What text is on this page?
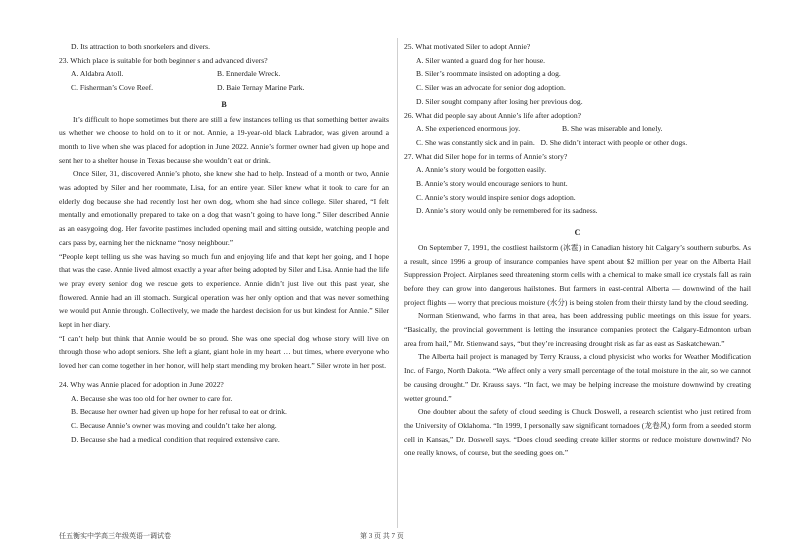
D. Its attraction to both snorkelers and divers.
23. Which place is suitable for both beginner s and advanced divers?
A. Aldabra Atoll.	B. Ennerdale Wreck.
C. Fisherman’s Cove Reef.	D. Baie Ternay Marine Park.
B

It’s difficult to hope sometimes but there are still a few instances telling us that something better awaits us whether we choose to hold on to it or not. Annie, a 19-year-old black Labrador, was given around a month to live when she was placed for adoption in June 2022. Annie’s former owner had given up hope and sent her to a shelter house in Texas because she wouldn’t eat or drink.

Once Siler, 31, discovered Annie’s photo, she knew she had to help. Instead of a month or two, Annie was adopted by Siler and her roommate, Lisa, for an entire year. Siler knew what it took to care for an elderly dog because she had recently lost her own dog, whom she had since college. Siler shared, “I felt mentally and emotionally prepared to take on a dog that wasn’t going to have long.” Siler described Annie as an easygoing dog. Her favorite pastimes included opening mail and sitting outside, watching people and cars pass by, earning her the nickname “nosy neighbour.”

“People kept telling us she was having so much fun and enjoying life and that kept her going, and I hope that was the case. Annie lived almost exactly a year after being adopted by Siler and Lisa. Annie had the life we pray every senior dog we rescue gets to experience. Annie didn’t just live out this past year, she flowered. Annie had an ill stomach. Surgical operation was her only option and that was never something we would put Annie through. Collectively, we made the hardest decision for us but kindest for Annie.” Siler kept in her diary.

“I can’t help but think that Annie would be so proud. She was one special dog whose story will live on through those who adopt seniors. She left a giant, giant hole in my heart … but times, where everyone who loved her can come together in her honor, will help start mending my broken heart.” Siler wrote in her post.

24. Why was Annie placed for adoption in June 2022?
A. Because she was too old for her owner to care for.
B. Because her owner had given up hope for her refusal to eat or drink.
C. Because Annie’s owner was moving and couldn’t take her along.
D. Because she had a medical condition that required extensive care.
25. What motivated Siler to adopt Annie?
A. Siler wanted a guard dog for her house.
B. Siler’s roommate insisted on adopting a dog.
C. Siler was an advocate for senior dog adoption.
D. Siler sought company after losing her previous dog.
26. What did people say about Annie’s life after adoption?
A. She experienced enormous joy.	B. She was miserable and lonely.
C. She was constantly sick and in pain. D. She didn’t interact with people or other dogs.
27. What did Siler hope for in terms of Annie’s story?
A. Annie’s story would be forgotten easily.
B. Annie’s story would encourage seniors to hunt.
C. Annie’s story would inspire senior dogs adoption.
D. Annie’s story would only be remembered for its sadness.
C

On September 7, 1991, the costliest hailstorm (冰雹) in Canadian history hit Calgary’s southern suburbs. As a result, since 1996 a group of insurance companies have spent about $2 million per year on the Alberta Hail Suppression Project. Airplanes seed threatening storm cells with a chemical to make small ice crystals fall as rain before they can grow into dangerous hailstones. But farmers in east-central Alberta — downwind of the hail project flights — worry that precious moisture (水分) is being stolen from their thirsty land by the cloud seeding.

Norman Stienwand, who farms in that area, has been addressing public meetings on this issue for years. “Basically, the provincial government is letting the insurance companies protect the Calgary-Edmonton urban area from hail,” Mr. Stienwand says, “but they’re increasing drought risk as far as east as Saskatchewan.”

The Alberta hail project is managed by Terry Krauss, a cloud physicist who works for Weather Modification Inc. of Fargo, North Dakota. “We affect only a very small percentage of the total moisture in the air, so we cannot be causing drought.” Dr. Krauss says. “In fact, we may be helping increase the moisture downwind by creating wetter ground.”

One doubter about the safety of cloud seeding is Chuck Doswell, a research scientist who just retired from the University of Oklahoma. “In 1999, I personally saw significant tornadoes (龙卷风) form from a seeded storm cell in Kansas,” Dr. Doswell says. “Does cloud seeding create killer storms or reduce moisture downwind? No one really knows, of course, but the seeding goes on.”

任五衡实中学高三年级英语一调试卷	第 3 页 共 7 页
